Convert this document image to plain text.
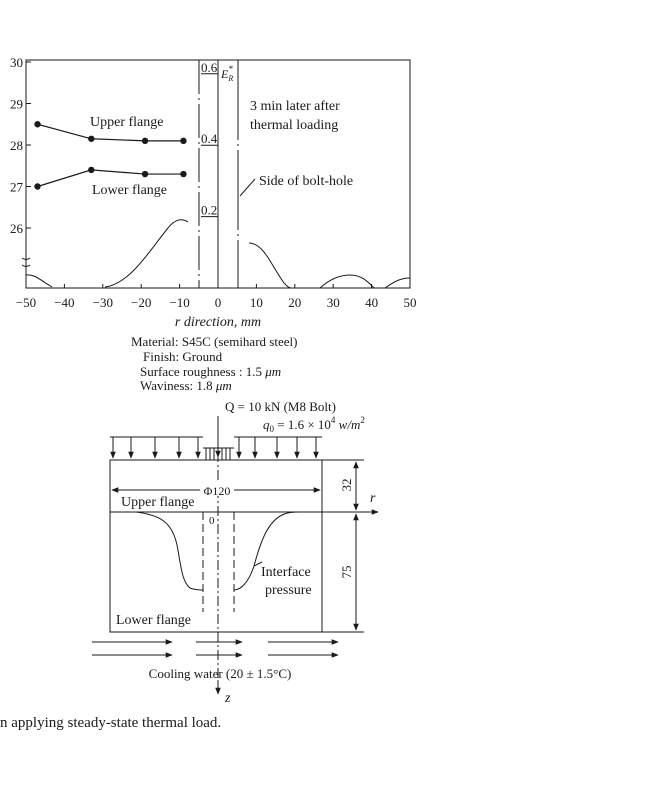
−50 −40 −30 −20 −10 0 10 20 30 40 50
30
29
28
27
26
0.6
0.4
0.2
$E_R*$
Upper flange
Lower flange
3 min later after
thermal loading
Side of bolt-hole
r direction, mm
Material: S45C (semihard steel)
Finish: Ground
Surface roughness : 1.5 μm
Waviness: 1.8 μm
Q = 10 kN (M8 Bolt)
$q_0 = 1.6 \times 10^4$ $w/m^2$
z
Φ120
Upper flange
0
Interface
pressure
Lower flange
32
75
r
Cooling water (20 ± 1.5°C)
n applying steady-state thermal load.
